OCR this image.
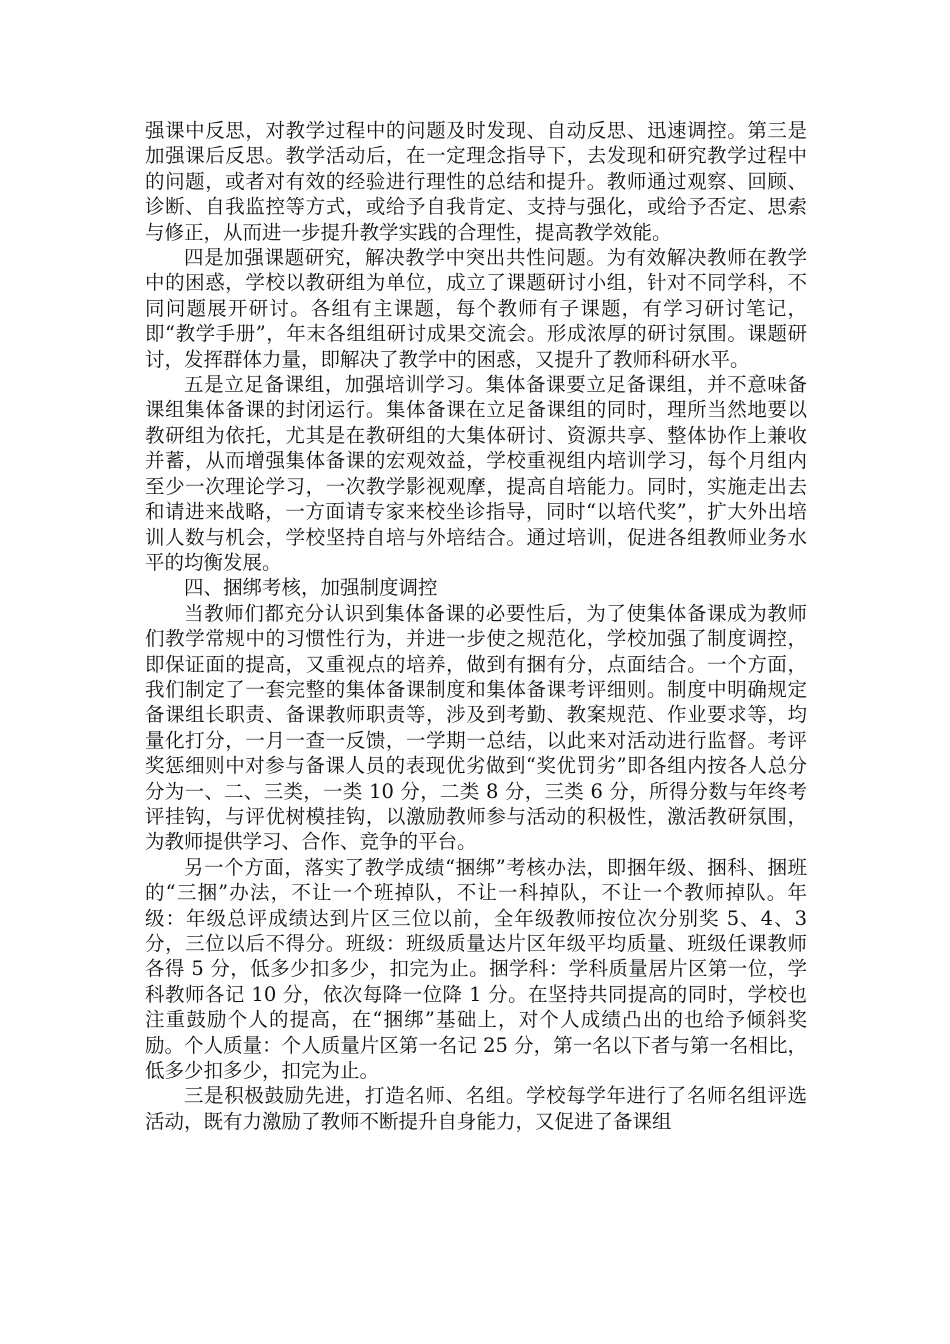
强课中反思，对教学过程中的问题及时发现、自动反思、迅速调控。第三是加强课后反思。教学活动后，在一定理念指导下，去发现和研究教学过程中的问题，或者对有效的经验进行理性的总结和提升。教师通过观察、回顾、诊断、自我监控等方式，或给予自我肯定、支持与强化，或给予否定、思索与修正，从而进一步提升教学实践的合理性，提高教学效能。

四是加强课题研究，解决教学中突出共性问题。为有效解决教师在教学中的困惑，学校以教研组为单位，成立了课题研讨小组，针对不同学科，不同问题展开研讨。各组有主课题，每个教师有子课题，有学习研讨笔记，即“教学手册”，年末各组组研讨成果交流会。形成浓厚的研讨氛围。课题研讨，发挥群体力量，即解决了教学中的困惑，又提升了教师科研水平。

五是立足备课组，加强培训学习。集体备课要立足备课组，并不意味备课组集体备课的封闭运行。集体备课在立足备课组的同时，理所当然地要以教研组为依托，尤其是在教研组的大集体研讨、资源共享、整体协作上兼收并蓄，从而增强集体备课的宏观效益，学校重视组内培训学习，每个月组内至少一次理论学习，一次教学影视观摩，提高自培能力。同时，实施走出去和请进来战略，一方面请专家来校坐诊指导，同时“以培代奖”，扩大外出培训人数与机会，学校坚持自培与外培结合。通过培训，促进各组教师业务水平的均衡发展。

四、捆绑考核，加强制度调控

当教师们都充分认识到集体备课的必要性后，为了使集体备课成为教师们教学常规中的习惯性行为，并进一步使之规范化，学校加强了制度调控，即保证面的提高，又重视点的培养，做到有捆有分，点面结合。一个方面，我们制定了一套完整的集体备课制度和集体备课考评细则。制度中明确规定备课组长职责、备课教师职责等，涉及到考勤、教案规范、作业要求等，均量化打分，一月一查一反馈，一学期一总结，以此来对活动进行监督。考评奖惩细则中对参与备课人员的表现优劣做到“奖优罚劣”即各组内按各人总分分为一、二、三类，一类 10 分，二类 8 分，三类 6 分，所得分数与年终考评挂钩，与评优树模挂钩，以激励教师参与活动的积极性，激活教研氛围，为教师提供学习、合作、竞争的平台。

另一个方面，落实了教学成绩“捆绑”考核办法，即捆年级、捆科、捆班的“三捆”办法，不让一个班掉队，不让一科掉队，不让一个教师掉队。年级：年级总评成绩达到片区三位以前，全年级教师按位次分别奖 5、4、3 分，三位以后不得分。班级：班级质量达片区年级平均质量、班级任课教师各得 5 分，低多少扣多少，扣完为止。捆学科：学科质量居片区第一位，学科教师各记 10 分，依次每降一位降 1 分。在坚持共同提高的同时，学校也注重鼓励个人的提高，在“捆绑”基础上，对个人成绩凸出的也给予倾斜奖励。个人质量：个人质量片区第一名记 25 分，第一名以下者与第一名相比，低多少扣多少，扣完为止。

三是积极鼓励先进，打造名师、名组。学校每学年进行了名师名组评选活动，既有力激励了教师不断提升自身能力，又促进了备课组
